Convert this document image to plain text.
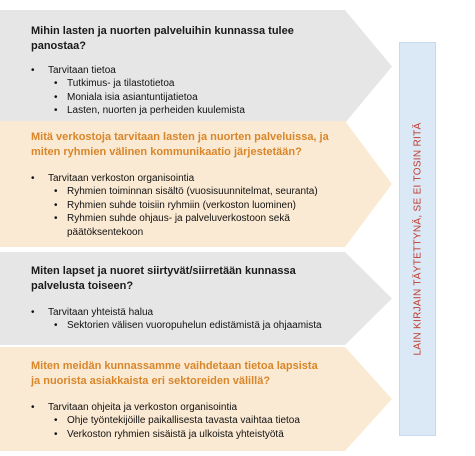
Mihin lasten ja nuorten palveluihin kunnassa tulee panostaa?

• Tarvitaan tietoa
• Tutkimus- ja tilastotietoa
• Moniala isia asiantuntijatietoa
• Lasten, nuorten ja perheiden kuulemista

Mitä verkostoja tarvitaan lasten ja nuorten palveluissa, ja miten ryhmien välinen kommunikaatio järjestetään?

• Tarvitaan verkoston organisointia
• Ryhmien toiminnan sisältö (vuosisuunnitelmat, seuranta)
• Ryhmien suhde toisiin ryhmiin (verkoston luominen)
• Ryhmien suhde ohjaus- ja palveluverkostoon sekä päätöksentekoon

Miten lapset ja nuoret siirtyvät/siirretään kunnassa palvelusta toiseen?

• Tarvitaan yhteistä halua
• Sektorien välisen vuoropuhelun edistämistä ja ohjaamista

Miten meidän kunnassamme vaihdetaan tietoa lapsista ja nuorista asiakkaista eri sektoreiden välillä?

• Tarvitaan ohjeita ja verkoston organisointia
• Ohje työntekijöille paikallisesta tavasta vaihtaa tietoa
• Verkoston ryhmien sisäistä ja ulkoista yhteistyötä
LAIN KIRJAIN TÄYTETTYNÄ, SE EI TOSIN RITÄ
